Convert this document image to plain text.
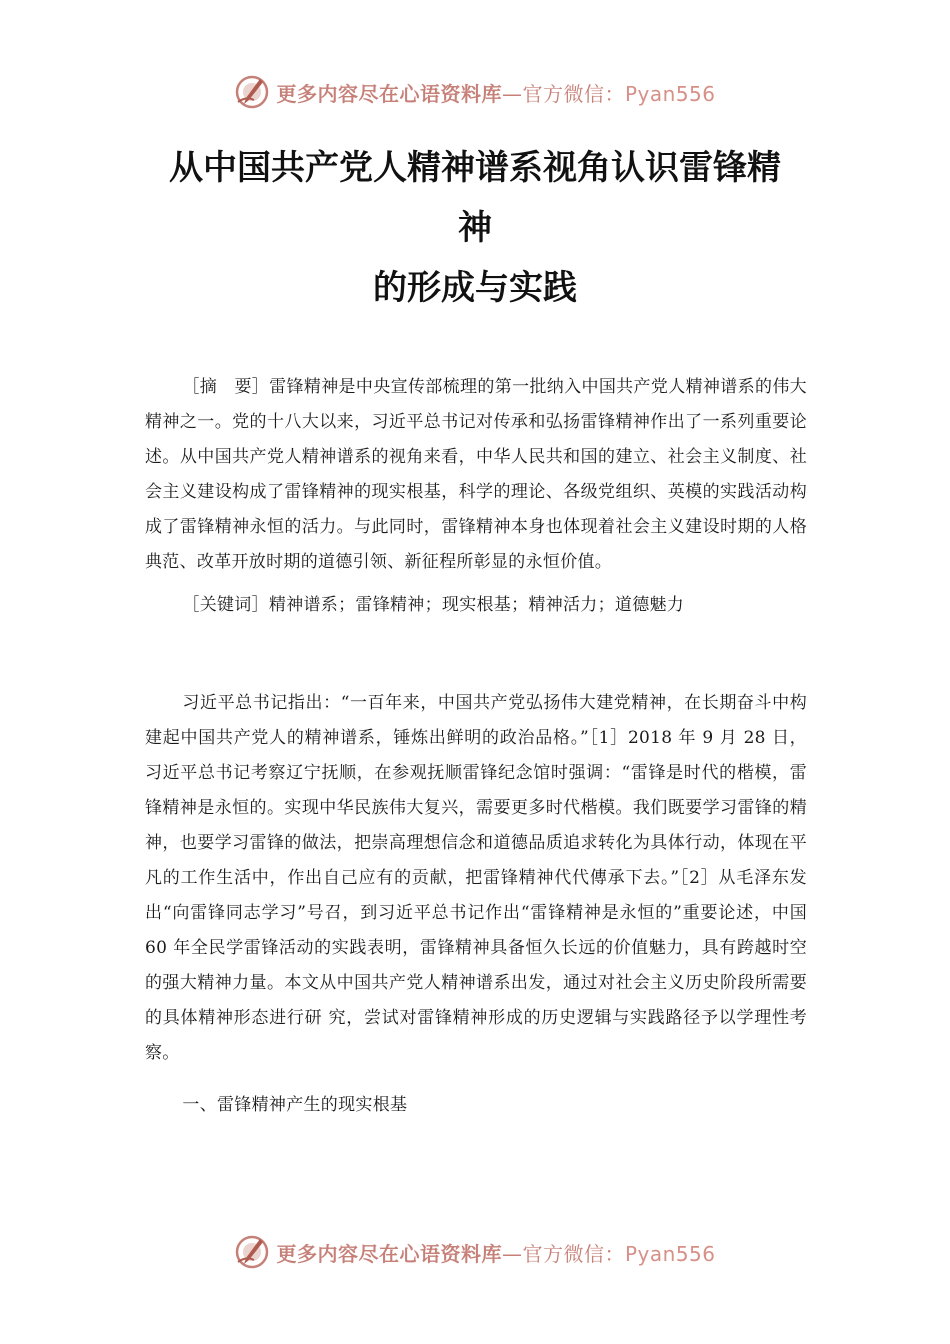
更多内容尽在心语资料库—官方微信：Pyan556
从中国共产党人精神谱系视角认识雷锋精
神
的形成与实践

［摘　要］雷锋精神是中央宣传部梳理的第一批纳入中国共产党人精神谱系的伟大精神之一。党的十八大以来，习近平总书记对传承和弘扬雷锋精神作出了一系列重要论述。从中国共产党人精神谱系的视角来看，中华人民共和国的建立、社会主义制度、社会主义建设构成了雷锋精神的现实根基，科学的理论、各级党组织、英模的实践活动构成了雷锋精神永恒的活力。与此同时，雷锋精神本身也体现着社会主义建设时期的人格典范、改革开放时期的道德引领、新征程所彰显的永恒价值。

［关键词］精神谱系；雷锋精神；现实根基；精神活力；道德魅力

习近平总书记指出：“一百年来，中国共产党弘扬伟大建党精神，在长期奋斗中构建起中国共产党人的精神谱系，锤炼出鲜明的政治品格。”［1］2018 年 9 月 28 日，习近平总书记考察辽宁抚顺，在参观抚顺雷锋纪念馆时强调：“雷锋是时代的楷模，雷锋精神是永恒的。实现中华民族伟大复兴，需要更多时代楷模。我们既要学习雷锋的精神，也要学习雷锋的做法，把崇高理想信念和道德品质追求转化为具体行动，体现在平凡的工作生活中，作出自己应有的贡献，把雷锋精神代代傳承下去。”［2］从毛泽东发出“向雷锋同志学习”号召，到习近平总书记作出“雷锋精神是永恒的”重要论述，中国 60 年全民学雷锋活动的实践表明，雷锋精神具备恒久长远的价值魅力，具有跨越时空的强大精神力量。本文从中国共产党人精神谱系出发，通过对社会主义历史阶段所需要的具体精神形态进行研 究，尝试对雷锋精神形成的历史逻辑与实践路径予以学理性考察。

一、雷锋精神产生的现实根基

更多内容尽在心语资料库—官方微信：Pyan556
